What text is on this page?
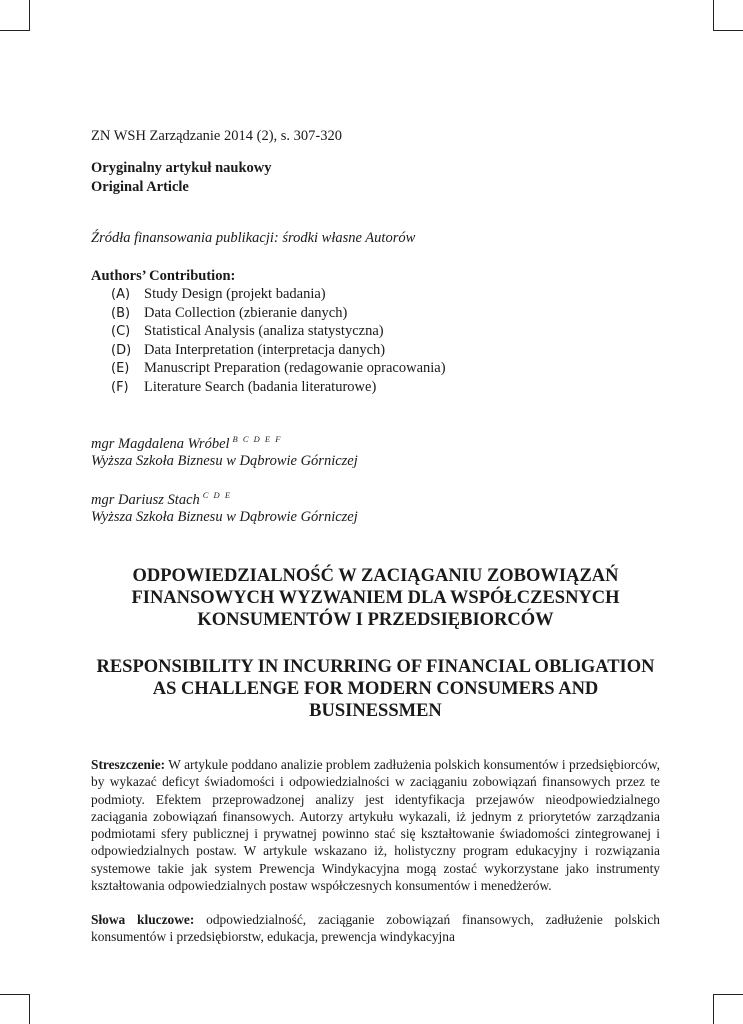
ZN WSH Zarządzanie 2014 (2), s. 307-320
Oryginalny artykuł naukowy
Original Article
Źródła finansowania publikacji: środki własne Autorów
Authors’ Contribution:
(A) Study Design (projekt badania)
(B) Data Collection (zbieranie danych)
(C) Statistical Analysis (analiza statystyczna)
(D) Data Interpretation (interpretacja danych)
(E) Manuscript Preparation (redagowanie opracowania)
(F) Literature Search (badania literaturowe)
mgr Magdalena Wróbel $^{B C D E F}$
Wyższa Szkoła Biznesu w Dąbrowie Górniczej
mgr Dariusz Stach $^{C D E}$
Wyższa Szkoła Biznesu w Dąbrowie Górniczej
ODPOWIEDZIALNOŚĆ W ZACIĄGANIU ZOBOWIĄZAŃ
FINANSOWYCH WYZWANIEM DLA WSPÓŁCZESNYCH
KONSUMENTÓW I PRZEDSIĘBIORCÓW
RESPONSIBILITY IN INCURRING OF FINANCIAL OBLIGATION
AS CHALLENGE FOR MODERN CONSUMERS AND
BUSINESSMEN

Streszczenie: W artykule poddano analizie problem zadłużenia polskich konsumentów i przedsiębiorców, by wykazać deficyt świadomości i odpowiedzialności w zaciąganiu zobowiązań finansowych przez te podmioty. Efektem przeprowadzonej analizy jest identyfikacja przejawów nieodpowiedzialnego zaciągania zobowiązań finansowych. Autorzy artykułu wykazali, iż jednym z priorytetów zarządzania podmiotami sfery publicznej i prywatnej powinno stać się kształtowanie świadomości zintegrowanej i odpowiedzialnych postaw. W artykule wskazano iż, holistyczny program edukacyjny i rozwiązania systemowe takie jak system Prewencja Windykacyjna mogą zostać wykorzystane jako instrumenty kształtowania odpowiedzialnych postaw współczesnych konsumentów i menedżerów.

Słowa kluczowe: odpowiedzialność, zaciąganie zobowiązań finansowych, zadłużenie polskich konsumentów i przedsiębiorstw, edukacja, prewencja windykacyjna
